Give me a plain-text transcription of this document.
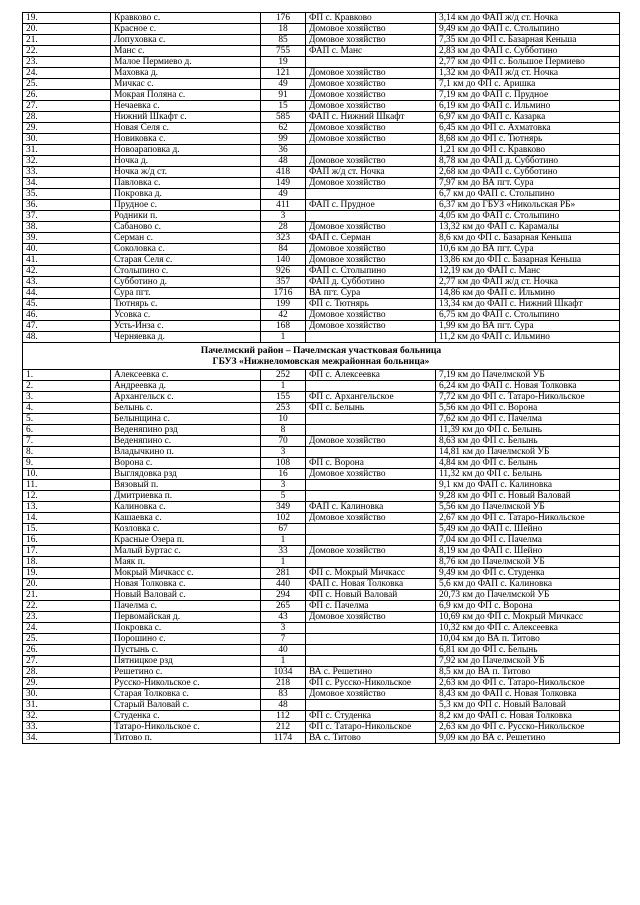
19.	Кравково с.	176	ФП с. Кравково	3,14 км до ФАП ж/д ст. Ночка
20.	Красное с.	18	Домовое хозяйство	9,49 км до ФАП с. Столыпино
21.	Лопуховка с.	85	Домовое хозяйство	7,35 км до ФП с. Базарная Кеньша
22.	Манс с.	755	ФАП с. Манс	2,83 км до ФАП с. Субботино
23.	Малое Пермиево д.	19		2,77 км до ФП с. Большое Пермиево
24.	Маховка д.	121	Домовое хозяйство	1,32 км до ФАП ж/д ст. Ночка
25.	Мичкас с.	49	Домовое хозяйство	7,1 км до ФП с. Аришка
26.	Мокрая Поляна с.	91	Домовое хозяйство	7,19 км до ФАП с. Прудное
27.	Нечаевка с.	15	Домовое хозяйство	6,19 км до ФАП с. Ильмино
28.	Нижний Шкафт с.	585	ФАП с. Нижний Шкафт	6,97 км до ФАП с. Казарка
29.	Новая Селя с.	62	Домовое хозяйство	6,45 км до ФП с. Ахматовка
30.	Новиковка с.	99	Домовое хозяйство	8,68 км до ФП с. Тютнярь
31.	Новоараповка д.	36		1,21 км до ФП с. Кравково
32.	Ночка д.	48	Домовое хозяйство	8,78 км до ФАП д. Субботино
33.	Ночка ж/д ст.	418	ФАП ж/д ст. Ночка	2,68 км до ФАП с. Субботино
34.	Павловка с.	149	Домовое хозяйство	7,97 км до ВА пгт. Сура
35.	Покровка д.	49		6,7 км до ФАП с. Столыпино
36.	Прудное с.	411	ФАП с. Прудное	6,37 км до ГБУЗ «Никольская РБ»
37.	Родники п.	3		4,05 км до ФАП с. Столыпино
38.	Сабаново с.	28	Домовое хозяйство	13,32 км до ФАП с. Карамалы
39.	Серман с.	323	ФАП с. Серман	8,6 км до ФП с. Базарная Кеньша
40.	Соколовка с.	84	Домовое хозяйство	10,6 км до ВА пгт. Сура
41.	Старая Селя с.	140	Домовое хозяйство	13,86 км до ФП с. Базарная Кеньша
42.	Столыпино с.	926	ФАП с. Столыпино	12,19 км до ФАП с. Манс
43.	Субботино д.	357	ФАП д. Субботино	2,77 км до ФАП ж/д ст. Ночка
44.	Сура пгт.	1716	ВА пгт. Сура	14,86 км до ФАП с. Ильмино
45.	Тютнярь с.	199	ФП с. Тютнярь	13,34 км до ФАП с. Нижний Шкафт
46.	Усовка с.	42	Домовое хозяйство	6,75 км до ФАП с. Столыпино
47.	Усть-Инза с.	168	Домовое хозяйство	1,99 км до ВА пгт. Сура
48.	Черняевка д.	1		11,2 км до ФАП с. Ильмино

Пачелмский район – Пачелмская участковая больница
ГБУЗ «Нижнеломовская межрайонная больница»				

1.	Алексеевка с.	252	ФП с. Алексеевка	7,19 км до Пачелмской УБ
2.	Андреевка д.	1		6,24 км до ФАП с. Новая Толковка
3.	Архангельск с.	155	ФП с. Архангельское	7,72 км до ФП с. Татаро-Никольское
4.	Белынь с.	253	ФП с. Белынь	5,56 км до ФП с. Ворона
5.	Белынщина с.	10		7,62 км до ФП с. Пачелма
6.	Веденяпино рзд	8		11,39 км до ФП с. Белынь
7.	Веденяпино с.	70	Домовое хозяйство	8,63 км до ФП с. Белынь
8.	Владычкино п.	3		14,81 км до Пачелмской УБ
9.	Ворона с.	108	ФП с. Ворона	4,84 км до ФП с. Белынь
10.	Выглядовка рзд	16	Домовое хозяйство	11,32 км до ФП с. Белынь
11.	Вязовый п.	3		9,1 км до ФАП с. Калиновка
12.	Дмитриевка п.	5		9,28 км до ФП с. Новый Валовай
13.	Калиновка с.	349	ФАП с. Калиновка	5,56 км до Пачелмской УБ
14.	Кашаевка с.	102	Домовое хозяйство	2,67 км до ФП с. Татаро-Никольское
15.	Козловка с.	67		5,49 км до ФАП с. Шейно
16.	Красные Озера п.	1		7,04 км до ФП с. Пачелма
17.	Малый Буртас с.	33	Домовое хозяйство	8,19 км до ФАП с. Шейно
18.	Маяк п.	1		8,76 км до Пачелмской УБ
19.	Мокрый Мичкасс с.	281	ФП с. Мокрый Мичкасс	9,49 км до ФП с. Студенка
20.	Новая Толковка с.	440	ФАП с. Новая Толковка	5,6 км до ФАП с. Калиновка
21.	Новый Валовай с.	294	ФП с. Новый Валовай	20,73 км до Пачелмской УБ
22.	Пачелма с.	265	ФП с. Пачелма	6,9 км до ФП с. Ворона
23.	Первомайская д.	43	Домовое хозяйство	10,69 км до ФП с. Мокрый Мичкасс
24.	Покровка с.	3		10,32 км до ФП с. Алексеевка
25.	Порошино с.	7		10,04 км до ВА п. Титово
26.	Пустынь с.	40		6,81 км до ФП с. Белынь
27.	Пятницкое рзд	1		7,92 км до Пачелмской УБ
28.	Решетино с.	1034	ВА с. Решетино	8,5 км до ВА п. Титово
29.	Русско-Никольское с.	218	ФП с. Русско-Никольское	2,63 км до ФП с. Татаро-Никольское
30.	Старая Толковка с.	83	Домовое хозяйство	8,43 км до ФАП с. Новая Толковка
31.	Старый Валовай с.	48		5,3 км до ФП с. Новый Валовай
32.	Студенка с.	112	ФП с. Студенка	8,2 км до ФАП с. Новая Толковка
33.	Татаро-Никольское с.	212	ФП с. Татаро-Никольское	2,63 км до ФП с. Русско-Никольское
34.	Титово п.	1174	ВА с. Титово	9,09 км до ВА с. Решетино
